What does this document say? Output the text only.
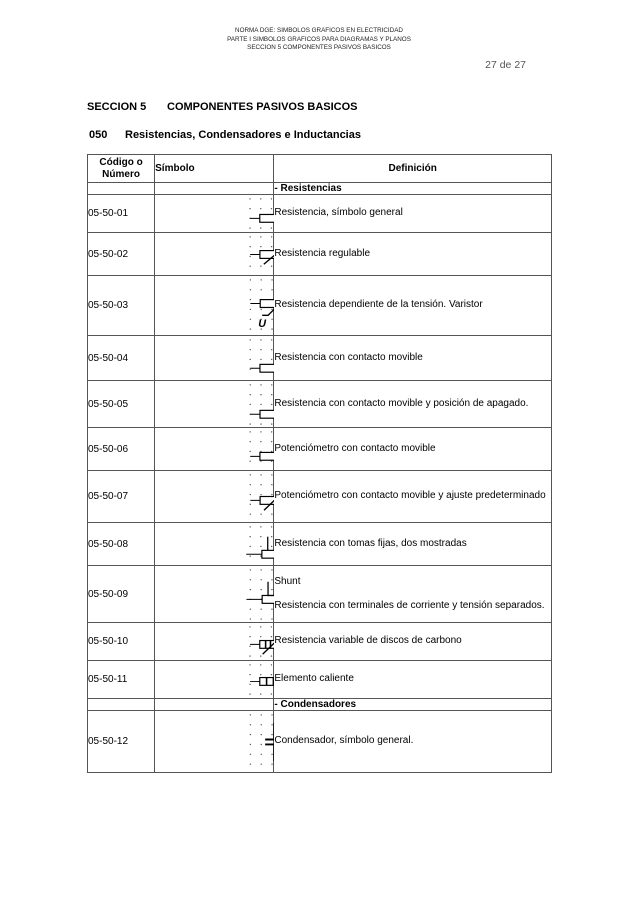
NORMA DGE: SIMBOLOS GRAFICOS EN ELECTRICIDAD
PARTE I SIMBOLOS GRAFICOS PARA DIAGRAMAS Y PLANOS
SECCION 5 COMPONENTES PASIVOS BASICOS
27 de 27
SECCION 5 COMPONENTES PASIVOS BASICOS
050 Resistencias, Condensadores e Inductancias
Código o Número	Símbolo	Definición
		- Resistencias
05-50-01		Resistencia, símbolo general
05-50-02		Resistencia regulable
05-50-03	U	Resistencia dependiente de la tensión. Varistor
05-50-04		Resistencia con contacto movible
05-50-05		Resistencia con contacto movible y posición de apagado.
05-50-06		Potenciómetro con contacto movible
05-50-07		Potenciómetro con contacto movible y ajuste predeterminado
05-50-08		Resistencia con tomas fijas, dos mostradas
05-50-09		Shunt
Resistencia con terminales de corriente y tensión separados.

05-50-10		Resistencia variable de discos de carbono
05-50-11		Elemento caliente
		- Condensadores
05-50-12		Condensador, símbolo general.
